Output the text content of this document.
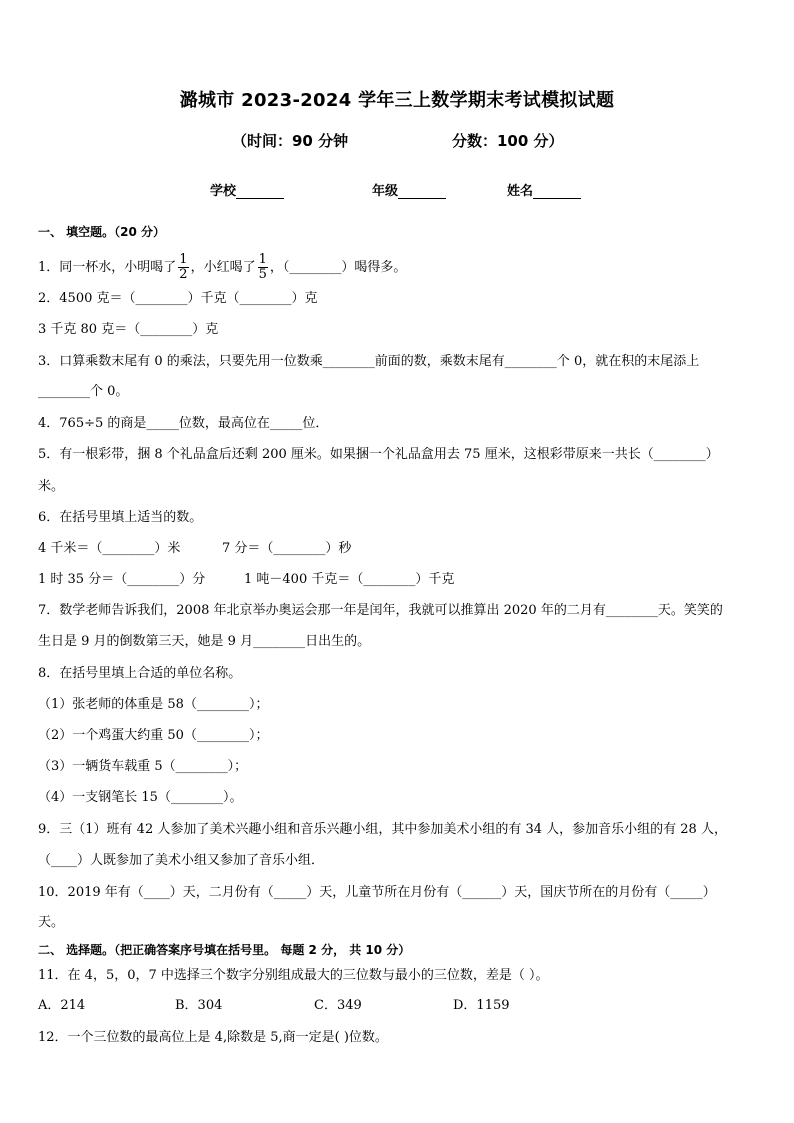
潞城市 2023-2024 学年三上数学期末考试模拟试题
（时间：90 分钟	分数：100 分）
学校	年级	姓名
一、 填空题。（20 分）
1．同一杯水，小明喝了 $\frac{1}{2}$ ，小红喝了 $\frac{1}{5}$ ，（________）喝得多。
2．4500 克＝（________）千克（________）克
3 千克 80 克＝（________）克
3．口算乘数末尾有 0 的乘法，只要先用一位数乘________前面的数，乘数末尾有________个 0，就在积的末尾添上
________个 0。
4．765÷5 的商是_____位数，最高位在_____位．
5．有一根彩带，捆 8 个礼品盒后还剩 200 厘米。如果捆一个礼品盒用去 75 厘米，这根彩带原来一共长（________）
米。
6．在括号里填上适当的数。
4 千米＝（________）米	7 分＝（________）秒
1 时 35 分＝（________）分	1 吨－400 千克＝（________）千克
7．数学老师告诉我们，2008 年北京举办奥运会那一年是闰年，我就可以推算出 2020 年的二月有________天。笑笑的
生日是 9 月的倒数第三天，她是 9 月________日出生的。
8．在括号里填上合适的单位名称。
（1）张老师的体重是 58（________）；
（2）一个鸡蛋大约重 50（________）；
（3）一辆货车载重 5（________）；
（4）一支钢笔长 15（________）。
9．三（1）班有 42 人参加了美术兴趣小组和音乐兴趣小组，其中参加美术小组的有 34 人，参加音乐小组的有 28 人，
（____）人既参加了美术小组又参加了音乐小组．
10．2019 年有（____）天，二月份有（_____）天，儿童节所在月份有（______）天，国庆节所在的月份有（_____）
天。
二、 选择题。（把正确答案序号填在括号里。 每题 2 分， 共 10 分）
11．在 4，5，0，7 中选择三个数字分别组成最大的三位数与最小的三位数，差是（ ）。
A．214	B．304	C．349	D．1159
12．一个三位数的最高位上是 4,除数是 5,商一定是( )位数。
